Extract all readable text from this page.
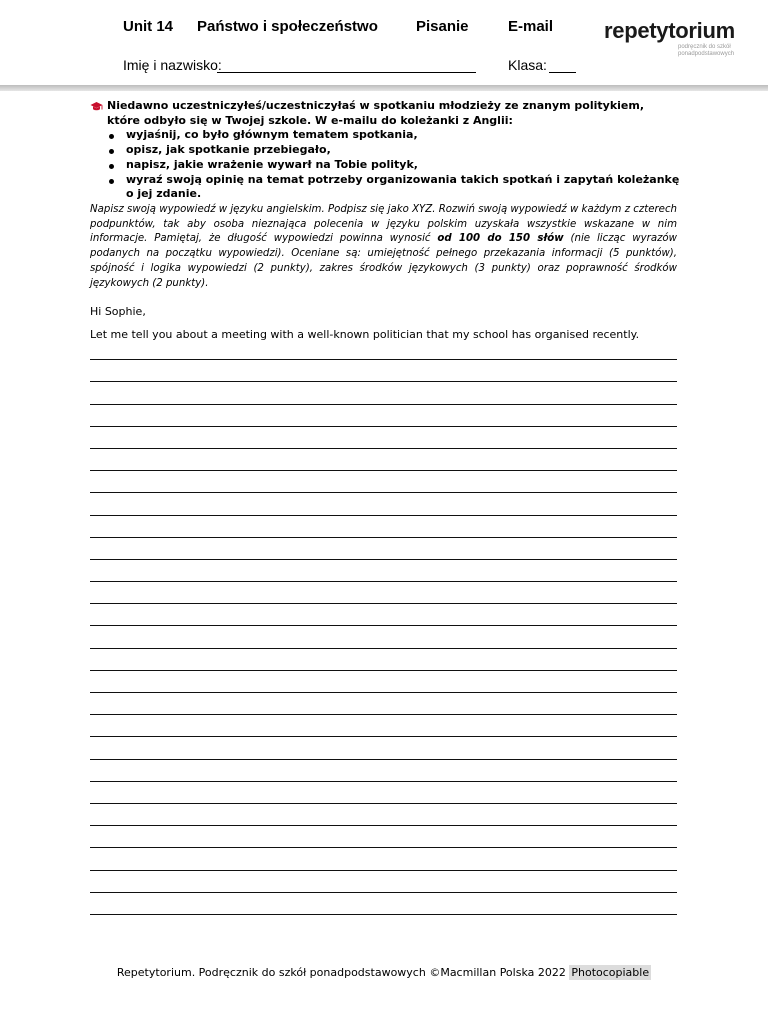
Unit 14 Państwo i społeczeństwo	Pisanie	E-mail
Imię i nazwisko:	Klasa:
repetytorium
podręcznik do szkół
ponadpodstawowych
Niedawno uczestniczyłeś/uczestniczyłaś w spotkaniu młodzieży ze znanym politykiem, które odbyło się w Twojej szkole. W e-mailu do koleżanki z Anglii:
wyjaśnij, co było głównym tematem spotkania,
opisz, jak spotkanie przebiegało,
napisz, jakie wrażenie wywarł na Tobie polityk,
wyraź swoją opinię na temat potrzeby organizowania takich spotkań i zapytań koleżankę o jej zdanie.
Napisz swoją wypowiedź w języku angielskim. Podpisz się jako XYZ. Rozwiń swoją wypowiedź w każdym z czterech podpunktów, tak aby osoba nieznająca polecenia w języku polskim uzyskała wszystkie wskazane w nim informacje. Pamiętaj, że długość wypowiedzi powinna wynosić od 100 do 150 słów (nie licząc wyrazów podanych na początku wypowiedzi). Oceniane są: umiejętność pełnego przekazania informacji (5 punktów), spójność i logika wypowiedzi (2 punkty), zakres środków językowych (3 punkty) oraz poprawność środków językowych (2 punkty).
Hi Sophie,
Let me tell you about a meeting with a well-known politician that my school has organised recently.
Repetytorium. Podręcznik do szkół ponadpodstawowych ©Macmillan Polska 2022 Photocopiable
